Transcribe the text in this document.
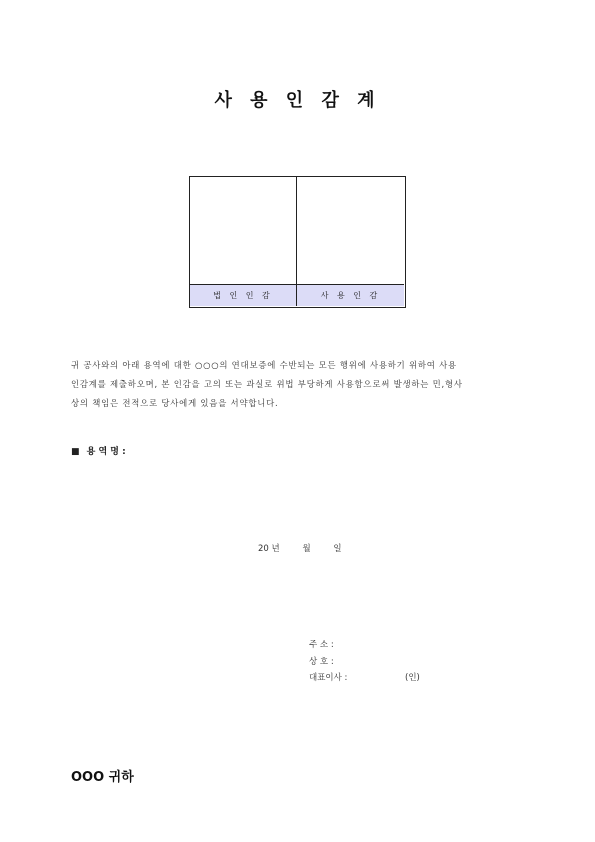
사 용 인 감 계
법 인 인 감	사 용 인 감
귀 공사와의 아래 용역에 대한 ○○○의 연대보증에 수반되는 모든 행위에 사용하기 위하여 사용
인감계를 제출하오며, 본 인감을 고의 또는 과실로 위법 부당하게 사용함으로써 발생하는 민,형사
상의 책임은 전적으로 당사에게 있음을 서약합니다.
■ 용 역 명 :
20 년	월	일
주 소 :
상 호 :
대표이사 :	(인)
OOO 귀하
